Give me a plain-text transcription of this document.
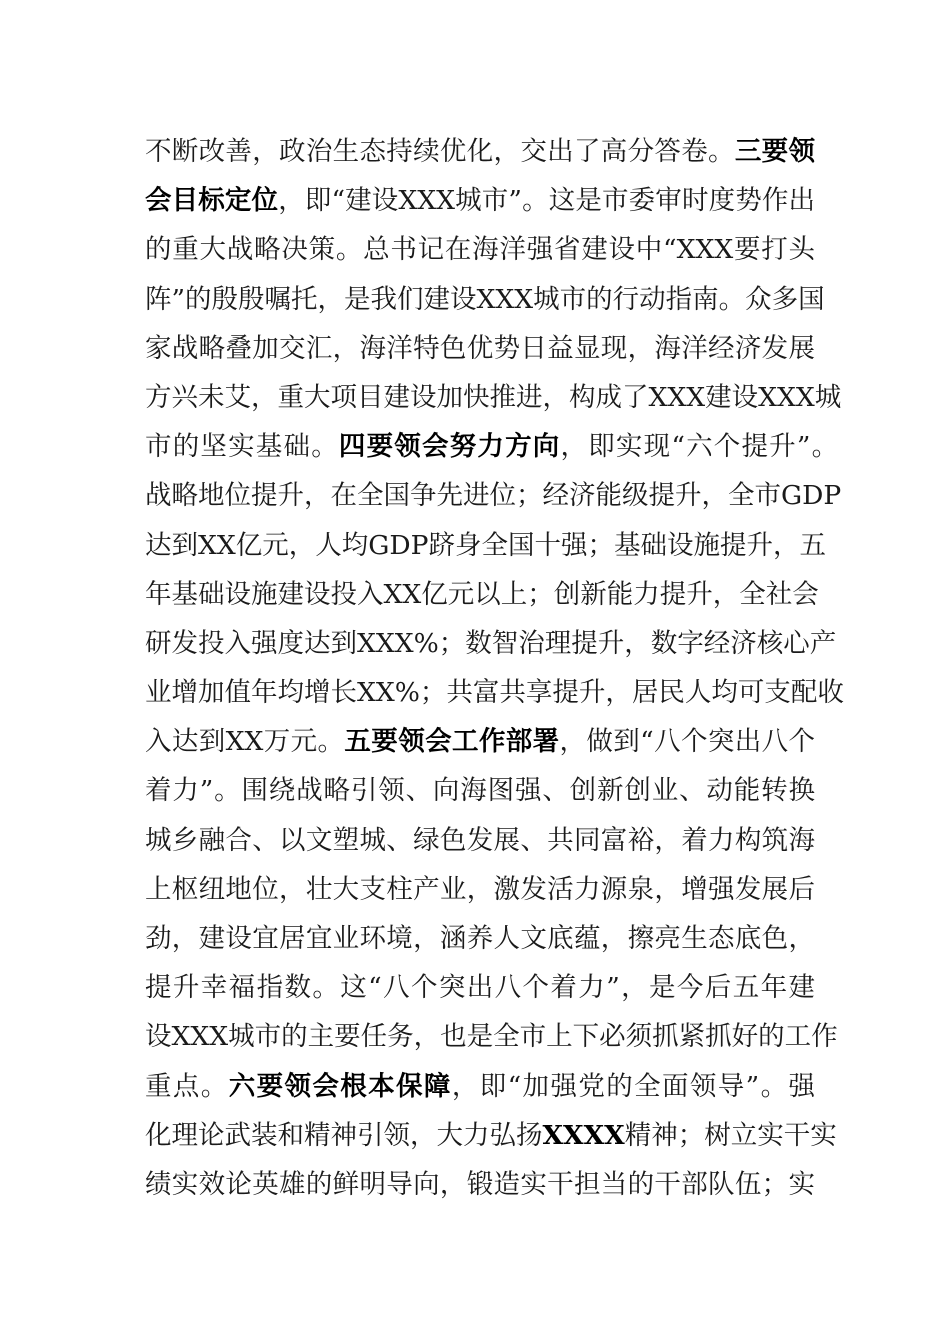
不断改善，政治生态持续优化，交出了高分答卷。三要领
会目标定位，即“建设XXX城市”。这是市委审时度势作出
的重大战略决策。总书记在海洋强省建设中“XXX要打头
阵”的殷殷嘱托，是我们建设XXX城市的行动指南。众多国
家战略叠加交汇，海洋特色优势日益显现，海洋经济发展
方兴未艾，重大项目建设加快推进，构成了XXX建设XXX城
市的坚实基础。四要领会努力方向，即实现“六个提升”。
战略地位提升，在全国争先进位；经济能级提升，全市GDP
达到XX亿元，人均GDP跻身全国十强；基础设施提升，五
年基础设施建设投入XX亿元以上；创新能力提升，全社会
研发投入强度达到XXX%；数智治理提升，数字经济核心产
业增加值年均增长XX%；共富共享提升，居民人均可支配收
入达到XX万元。五要领会工作部署，做到“八个突出八个
着力”。围绕战略引领、向海图强、创新创业、动能转换
城乡融合、以文塑城、绿色发展、共同富裕，着力构筑海
上枢纽地位，壮大支柱产业，激发活力源泉，增强发展后
劲，建设宜居宜业环境，涵养人文底蕴，擦亮生态底色，
提升幸福指数。这“八个突出八个着力”，是今后五年建
设XXX城市的主要任务，也是全市上下必须抓紧抓好的工作
重点。六要领会根本保障，即“加强党的全面领导”。强
化理论武装和精神引领，大力弘扬XXXX精神；树立实干实
绩实效论英雄的鲜明导向，锻造实干担当的干部队伍；实
